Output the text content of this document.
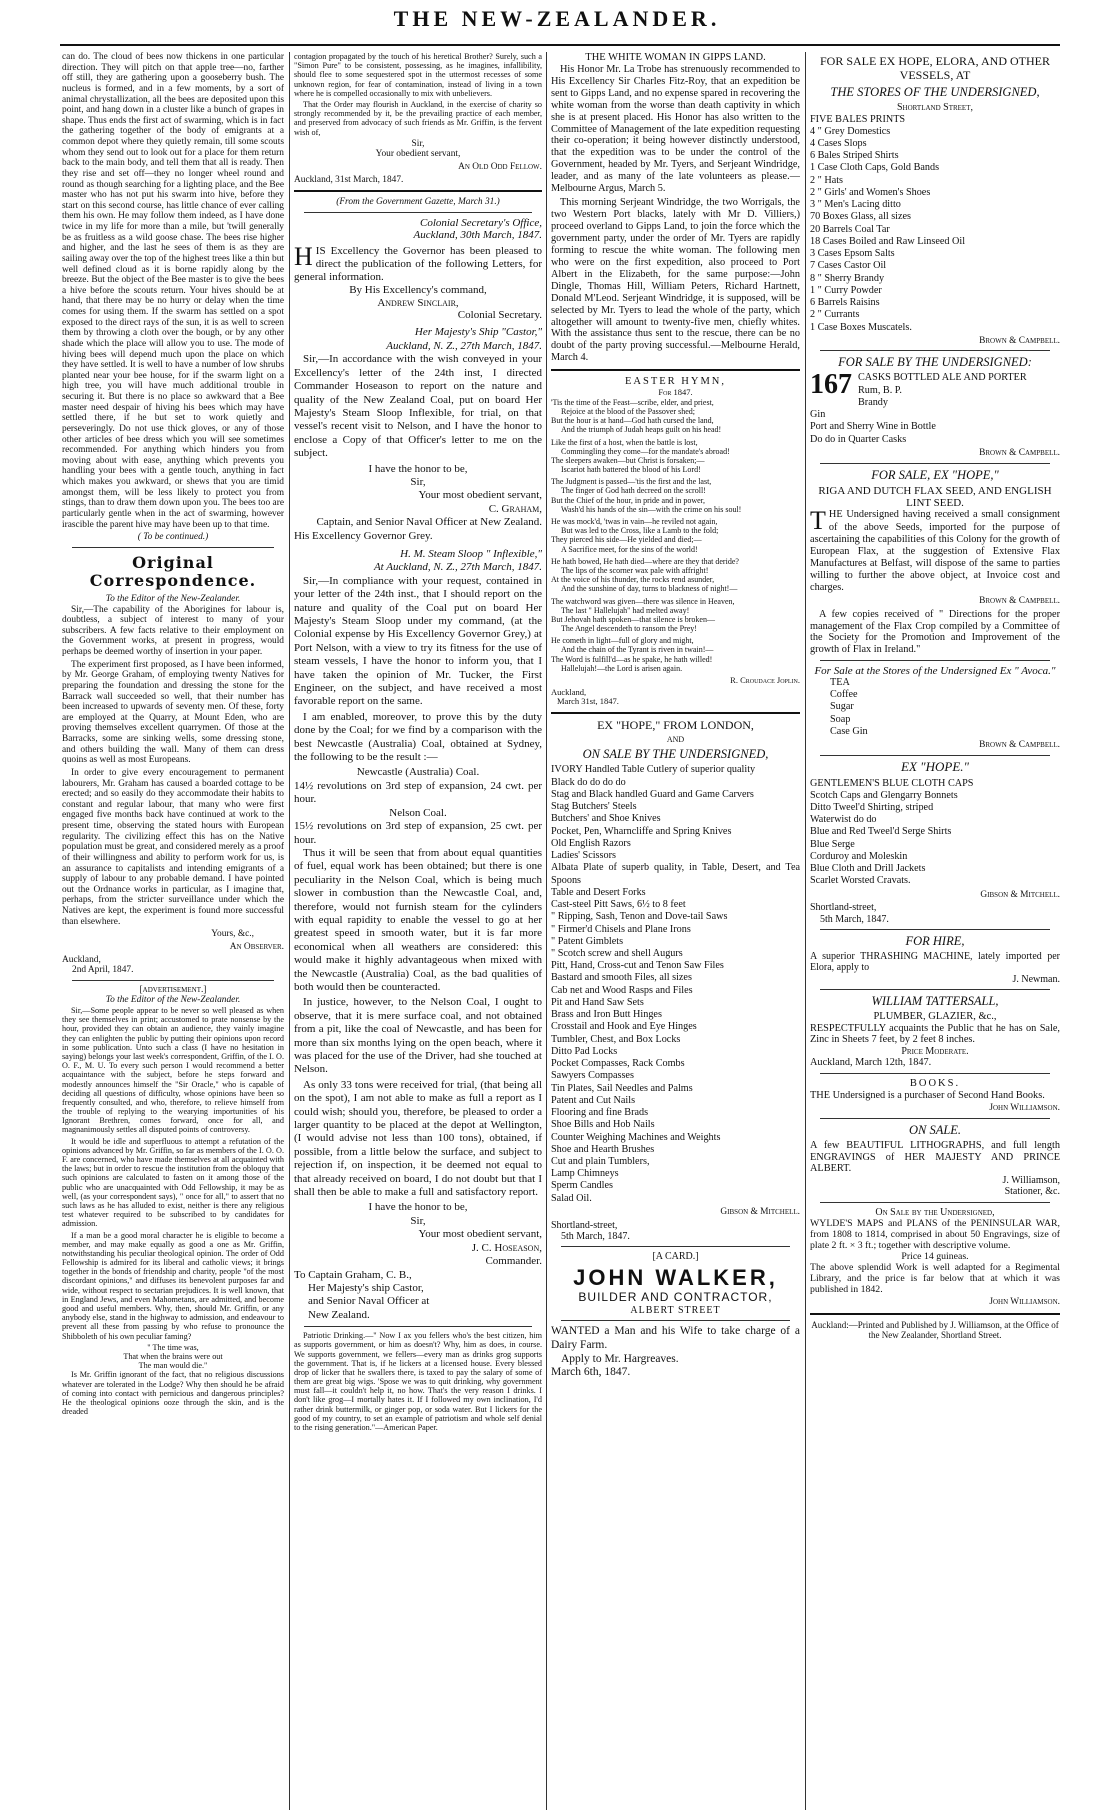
THE NEW-ZEALANDER.

can do. The cloud of bees now thickens in one particular direction. They will pitch on that apple tree—no, farther off still, they are gathering upon a gooseberry bush. The nucleus is formed, and in a few moments, by a sort of animal chrystallization, all the bees are deposited upon this point, and hang down in a cluster like a bunch of grapes in shape. Thus ends the first act of swarming, which is in fact the gathering together of the body of emigrants at a common depot where they quietly remain, till some scouts whom they send out to look out for a place for them return back to the main body, and tell them that all is ready. Then they rise and set off—they no longer wheel round and round as though searching for a lighting place, and the Bee master who has not put his swarm into hive, before they start on this second course, has little chance of ever calling them his own. He may follow them indeed, as I have done twice in my life for more than a mile, but 'twill generally be as fruitless as a wild goose chase. The bees rise higher and higher, and the last he sees of them is as they are sailing away over the top of the highest trees like a thin but well defined cloud as it is borne rapidly along by the breeze. But the object of the Bee master is to give the bees a hive before the scouts return. Your hives should be at hand, that there may be no hurry or delay when the time comes for using them. If the swarm has settled on a spot exposed to the direct rays of the sun, it is as well to screen them by throwing a cloth over the bough, or by any other shade which the place will allow you to use. The mode of hiving bees will depend much upon the place on which they have settled. It is well to have a number of low shrubs planted near your bee house, for if the swarm light on a high tree, you will have much additional trouble in securing it. But there is no place so awkward that a Bee master need despair of hiving his bees which may have settled there, if he but set to work quietly and perseveringly. Do not use thick gloves, or any of those other articles of bee dress which you will see sometimes recommended. For anything which hinders you from moving about with ease, anything which prevents you handling your bees with a gentle touch, anything in fact which makes you awkward, or shews that you are timid amongst them, will be less likely to protect you from stings, than to draw them down upon you. The bees too are particularly gentle when in the act of swarming, however irascible the parent hive may have been up to that time.

( To be continued.)
Original Correspondence.
To the Editor of the New-Zealander.

Sir,—The capability of the Aborigines for labour is, doubtless, a subject of interest to many of your subscribers. A few facts relative to their employment on the Government works, at present in progress, would perhaps be deemed worthy of insertion in your paper.

The experiment first proposed, as I have been informed, by Mr. George Graham, of employing twenty Natives for preparing the foundation and dressing the stone for the Barrack wall succeeded so well, that their number has been increased to upwards of seventy men. Of these, forty are employed at the Quarry, at Mount Eden, who are proving themselves excellent quarrymen. Of those at the Barracks, some are sinking wells, some dressing stone, and others building the wall. Many of them can dress quoins as well as most Europeans.

In order to give every encouragement to permanent labourers, Mr. Graham has caused a boarded cottage to be erected; and so easily do they accommodate their habits to constant and regular labour, that many who were first engaged five months back have continued at work to the present time, observing the stated hours with European regularity. The civilizing effect this has on the Native population must be great, and considered merely as a proof of their willingness and ability to perform work for us, is an assurance to capitalists and intending emigrants of a supply of labour to any probable demand. I have pointed out the Ordnance works in particular, as I imagine that, perhaps, from the stricter surveillance under which the Natives are kept, the experiment is found more successful than elsewhere.

Yours, &c.,
An Observer.
Auckland,
2nd April, 1847.
[advertisement.]
To the Editor of the New-Zealander.

Sir,—Some people appear to be never so well pleased as when they see themselves in print; accustomed to prate nonsense by the hour, provided they can obtain an audience, they vainly imagine they can enlighten the public by putting their opinions upon record in some publication. Unto such a class (I have no hesitation in saying) belongs your last week's correspondent, Griffin, of the I. O. O. F., M. U. To every such person I would recommend a better acquaintance with the subject, before he steps forward and modestly announces himself the "Sir Oracle," who is capable of deciding all questions of difficulty, whose opinions have been so frequently consulted, and who, therefore, to relieve himself from the trouble of replying to the wearying importunities of his Ignorant Brethren, comes forward, once for all, and magnanimously settles all disputed points of controversy.

It would be idle and superfluous to attempt a refutation of the opinions advanced by Mr. Griffin, so far as members of the I. O. O. F. are concerned, who have made themselves at all acquainted with the laws; but in order to rescue the institution from the obloquy that such opinions are calculated to fasten on it among those of the public who are unacquainted with Odd Fellowship, it may be as well, (as your correspondent says), " once for all," to assert that no such laws as he has alluded to exist, neither is there any religious test whatever required to be subscribed to by candidates for admission.

If a man be a good moral character he is eligible to become a member, and may make equally as good a one as Mr. Griffin, notwithstanding his peculiar theological opinion. The order of Odd Fellowship is admired for its liberal and catholic views; it brings together in the bonds of friendship and charity, people "of the most discordant opinions," and diffuses its benevolent purposes far and wide, without respect to sectarian prejudices. It is well known, that in England Jews, and even Mahometans, are admitted, and become good and useful members. Why, then, should Mr. Griffin, or any anybody else, stand in the highway to admission, and endeavour to prevent all these from passing by who refuse to pronounce the Shibboleth of his own peculiar faming?

" The time was,
That when the brains were out
The man would die."

Is Mr. Griffin ignorant of the fact, that no religious discussions whatever are tolerated in the Lodge? Why then should he be afraid of coming into contact with pernicious and dangerous principles? He the theological opinions ooze through the skin, and is the dreaded

contagion propagated by the touch of his heretical Brother? Surely, such a "Simon Pure" to be consistent, possessing, as he imagines, infallibility, should flee to some sequestered spot in the uttermost recesses of some unknown region, for fear of contamination, instead of living in a town where he is compelled occasionally to mix with unbelievers.

That the Order may flourish in Auckland, in the exercise of charity so strongly recommended by it, be the prevailing practice of each member, and preserved from advocacy of such friends as Mr. Griffin, is the fervent wish of,

Sir,
Your obedient servant,
An Old Odd Fellow.
Auckland, 31st March, 1847.
(From the Government Gazette, March 31.)
Colonial Secretary's Office,
Auckland, 30th March, 1847.
HIS Excellency the Governor has been pleased to direct the publication of the following Letters, for general information.
By His Excellency's command,
Andrew Sinclair,
Colonial Secretary.
Her Majesty's Ship "Castor,"
Auckland, N. Z., 27th March, 1847.

Sir,—In accordance with the wish conveyed in your Excellency's letter of the 24th inst, I directed Commander Hoseason to report on the nature and quality of the New Zealand Coal, put on board Her Majesty's Steam Sloop Inflexible, for trial, on that vessel's recent visit to Nelson, and I have the honor to enclose a Copy of that Officer's letter to me on the subject.

I have the honor to be,
Sir,
Your most obedient servant,
C. Graham,
Captain, and Senior Naval Officer at New Zealand.
His Excellency Governor Grey.
H. M. Steam Sloop " Inflexible,"
At Auckland, N. Z., 27th March, 1847.

Sir,—In compliance with your request, contained in your letter of the 24th inst., that I should report on the nature and quality of the Coal put on board Her Majesty's Steam Sloop under my command, (at the Colonial expense by His Excellency Governor Grey,) at Port Nelson, with a view to try its fitness for the use of steam vessels, I have the honor to inform you, that I have taken the opinion of Mr. Tucker, the First Engineer, on the subject, and have received a most favorable report on the same.

I am enabled, moreover, to prove this by the duty done by the Coal; for we find by a comparison with the best Newcastle (Australia) Coal, obtained at Sydney, the following to be the result :—

Newcastle (Australia) Coal.
14½ revolutions on 3rd step of expansion, 24 cwt. per hour.
Nelson Coal.
15½ revolutions on 3rd step of expansion, 25 cwt. per hour.

Thus it will be seen that from about equal quantities of fuel, equal work has been obtained; but there is one peculiarity in the Nelson Coal, which is being much slower in combustion than the Newcastle Coal, and, therefore, would not furnish steam for the cylinders with equal rapidity to enable the vessel to go at her greatest speed in smooth water, but it is far more economical when all weathers are considered: this would make it highly advantageous when mixed with the Newcastle (Australia) Coal, as the bad qualities of both would then be counteracted.

In justice, however, to the Nelson Coal, I ought to observe, that it is mere surface coal, and not obtained from a pit, like the coal of Newcastle, and has been for more than six months lying on the open beach, where it was placed for the use of the Driver, had she touched at Nelson.

As only 33 tons were received for trial, (that being all on the spot), I am not able to make as full a report as I could wish; should you, therefore, be pleased to order a larger quantity to be placed at the depot at Wellington, (I would advise not less than 100 tons), obtained, if possible, from a little below the surface, and subject to rejection if, on inspection, it be deemed not equal to that already received on board, I do not doubt but that I shall then be able to make a full and satisfactory report.

I have the honor to be,
Sir,
Your most obedient servant,
J. C. Hoseason,
Commander.
To Captain Graham, C. B.,
Her Majesty's ship Castor,
and Senior Naval Officer at
New Zealand.

Patriotic Drinking.—" Now I ax you fellers who's the best citizen, him as supports government, or him as doesn't? Why, him as does, in course. We supports government, we fellers—every man as drinks grog supports the government. That is, if he lickers at a licensed house. Every blessed drop of licker that he swallers there, is taxed to pay the salary of some of them are great big wigs. 'Spose we was to quit drinking, why government must fall—it couldn't help it, no how. That's the very reason I drinks. I don't like grog—I mortally hates it. If I followed my own inclination, I'd rather drink buttermilk, or ginger pop, or soda water. But I lickers for the good of my country, to set an example of patriotism and whole self denial to the rising generation."—American Paper.

THE WHITE WOMAN IN GIPPS LAND.

His Honor Mr. La Trobe has strenuously recommended to His Excellency Sir Charles Fitz-Roy, that an expedition be sent to Gipps Land, and no expense spared in recovering the white woman from the worse than death captivity in which she is at present placed. His Honor has also written to the Committee of Management of the late expedition requesting their co-operation; it being however distinctly understood, that the expedition was to be under the control of the Government, headed by Mr. Tyers, and Serjeant Windridge, leader, and as many of the late volunteers as please.—Melbourne Argus, March 5.

This morning Serjeant Windridge, the two Worrigals, the two Western Port blacks, lately with Mr D. Villiers,) proceed overland to Gipps Land, to join the force which the government party, under the order of Mr. Tyers are rapidly forming to rescue the white woman. The following men who were on the first expedition, also proceed to Port Albert in the Elizabeth, for the same purpose:—John Dingle, Thomas Hill, William Peters, Richard Hartnett, Donald M'Leod. Serjeant Windridge, it is supposed, will be selected by Mr. Tyers to lead the whole of the party, which altogether will amount to twenty-five men, chiefly whites. With the assistance thus sent to the rescue, there can be no doubt of the party proving successful.—Melbourne Herald, March 4.

EASTER HYMN,
For 1847.
'Tis the time of the Feast—scribe, elder, and priest,
Rejoice at the blood of the Passover shed;
But the hour is at hand—God hath cursed the land,
And the triumph of Judah heaps guilt on his head!
Like the first of a host, when the battle is lost,
Commingling they come—for the mandate's abroad!
The sleepers awaken—but Christ is forsaken;—
Iscariot hath battered the blood of his Lord!
The Judgment is passed—'tis the first and the last,
The finger of God hath decreed on the scroll!
But the Chief of the hour, in pride and in power,
Wash'd his hands of the sin—with the crime on his soul!
He was mock'd, 'twas in vain—he reviled not again,
But was led to the Cross, like a Lamb to the fold;
They pierced his side—He yielded and died;—
A Sacrifice meet, for the sins of the world!
He hath bowed, He hath died—where are they that deride?
The lips of the scorner wax pale with affright!
At the voice of his thunder, the rocks rend asunder,
And the sunshine of day, turns to blackness of night!—
The watchword was given—there was silence in Heaven,
The last " Hallelujah" had melted away!
But Jehovah hath spoken—that silence is broken—
The Angel descendeth to ransom the Prey!
He cometh in light—full of glory and might,
And the chain of the Tyrant is riven in twain!—
The Word is fulfill'd—as he spake, he hath willed!
Hallelujah!—the Lord is arisen again.
R. Croudace Joplin.
Auckland,
March 31st, 1847.
EX "HOPE," FROM LONDON,
AND
ON SALE BY THE UNDERSIGNED,
IVORY Handled Table Cutlery of superior quality
Black do do do do
Stag and Black handled Guard and Game Carvers
Stag Butchers' Steels
Butchers' and Shoe Knives
Pocket, Pen, Wharncliffe and Spring Knives
Old English Razors
Ladies' Scissors
Albata Plate of superb quality, in Table, Desert, and Tea Spoons
Table and Desert Forks
Cast-steel Pitt Saws, 6½ to 8 feet
" Ripping, Sash, Tenon and Dove-tail Saws
" Firmer'd Chisels and Plane Irons
" Patent Gimblets
" Scotch screw and shell Augurs
Pitt, Hand, Cross-cut and Tenon Saw Files
Bastard and smooth Files, all sizes
Cab net and Wood Rasps and Files
Pit and Hand Saw Sets
Brass and Iron Butt Hinges
Crosstail and Hook and Eye Hinges
Tumbler, Chest, and Box Locks
Ditto Pad Locks
Pocket Compasses, Rack Combs
Sawyers Compasses
Tin Plates, Sail Needles and Palms
Patent and Cut Nails
Flooring and fine Brads
Shoe Bills and Hob Nails
Counter Weighing Machines and Weights
Shoe and Hearth Brushes
Cut and plain Tumblers,
Lamp Chimneys
Sperm Candles
Salad Oil.
Gibson & Mitchell.
Shortland-street,
5th March, 1847.
[A CARD.]
JOHN WALKER,
BUILDER AND CONTRACTOR,
ALBERT STREET
WANTED a Man and his Wife to take charge of a Dairy Farm.
Apply to Mr. Hargreaves.
March 6th, 1847.
FOR SALE EX HOPE, ELORA, AND OTHER VESSELS, AT
THE STORES OF THE UNDERSIGNED,
Shortland Street,
FIVE BALES PRINTS
4 " Grey Domestics
4 Cases Slops
6 Bales Striped Shirts
1 Case Cloth Caps, Gold Bands
2 " Hats
2 " Girls' and Women's Shoes
3 " Men's Lacing ditto
70 Boxes Glass, all sizes
20 Barrels Coal Tar
18 Cases Boiled and Raw Linseed Oil
3 Cases Epsom Salts
7 Cases Castor Oil
8 " Sherry Brandy
1 " Curry Powder
6 Barrels Raisins
2 " Currants
1 Case Boxes Muscatels.
Brown & Campbell.
FOR SALE BY THE UNDERSIGNED:
167 CASKS BOTTLED ALE AND PORTER
Rum, B. P.
Brandy
Gin
Port and Sherry Wine in Bottle
Do do in Quarter Casks
Brown & Campbell.
FOR SALE, EX "HOPE,"
RIGA AND DUTCH FLAX SEED, AND ENGLISH LINT SEED.
THE Undersigned having received a small consignment of the above Seeds, imported for the purpose of ascertaining the capabilities of this Colony for the growth of European Flax, at the suggestion of Extensive Flax Manufactures at Belfast, will dispose of the same to parties willing to further the above object, at Invoice cost and charges.
Brown & Campbell.

A few copies received of " Directions for the proper management of the Flax Crop compiled by a Committee of the Society for the Promotion and Improvement of the growth of Flax in Ireland."

For Sale at the Stores of the Undersigned Ex " Avoca."
TEA
Coffee
Sugar
Soap
Case Gin
Brown & Campbell.
EX "HOPE."
GENTLEMEN'S BLUE CLOTH CAPS
Scotch Caps and Glengarry Bonnets
Ditto Tweel'd Shirting, striped
Waterwist do do
Blue and Red Tweel'd Serge Shirts
Blue Serge
Corduroy and Moleskin
Blue Cloth and Drill Jackets
Scarlet Worsted Cravats.
Gibson & Mitchell.
Shortland-street,
5th March, 1847.
FOR HIRE,
A superior THRASHING MACHINE, lately imported per Elora, apply to
J. Newman.
WILLIAM TATTERSALL,
PLUMBER, GLAZIER, &c.,
RESPECTFULLY acquaints the Public that he has on Sale, Zinc in Sheets 7 feet, by 2 feet 8 inches.
Price Moderate.
Auckland, March 12th, 1847.
BOOKS.
THE Undersigned is a purchaser of Second Hand Books.
John Williamson.
ON SALE.
A few BEAUTIFUL LITHOGRAPHS, and full length ENGRAVINGS of HER MAJESTY AND PRINCE ALBERT.
J. Williamson,
Stationer, &c.
On Sale by the Undersigned,
WYLDE'S MAPS and PLANS of the PENINSULAR WAR, from 1808 to 1814, comprised in about 50 Engravings, size of plate 2 ft. × 3 ft.; together with descriptive volume.
Price 14 guineas.
The above splendid Work is well adapted for a Regimental Library, and the price is far below that at which it was published in 1842.
John Williamson.
Auckland:—Printed and Published by J. Williamson, at the Office of the New Zealander, Shortland Street.
